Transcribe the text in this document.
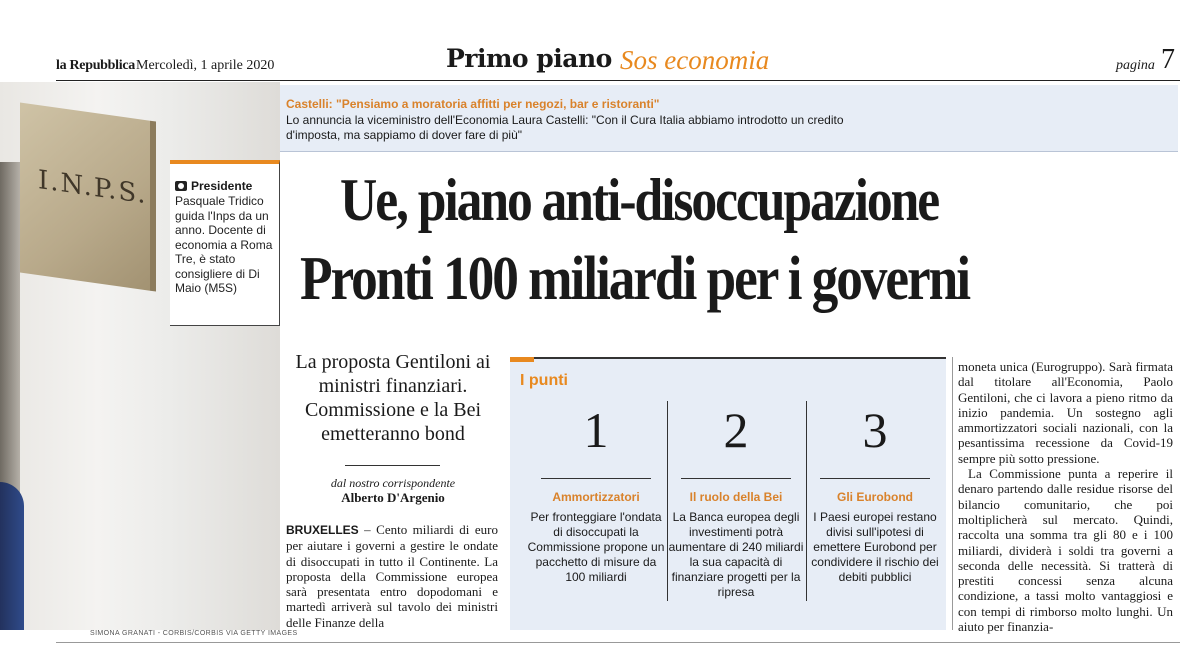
la Repubblica Mercoledì, 1 aprile 2020	Primo piano Sos economia	pagina 7
I.N.P.S.	Presidente
Pasquale Tridico guida l'Inps da un anno. Docente di economia a Roma Tre, è stato consigliere di Di Maio (M5S)
Castelli: "Pensiamo a moratoria affitti per negozi, bar e ristoranti"
Lo annuncia la viceministro dell'Economia Laura Castelli: "Con il Cura Italia abbiamo introdotto un credito d'imposta, ma sappiamo di dover fare di più"
Ue, piano anti-disoccupazione
Pronti 100 miliardi per i governi
La proposta Gentiloni ai ministri finanziari. Commissione e la Bei emetteranno bond
dal nostro corrispondente
Alberto D'Argenio
BRUXELLES – Cento miliardi di euro per aiutare i governi a gestire le ondate di disoccupati in tutto il Continente. La proposta della Commissione europea sarà presentata entro dopodomani e martedì arriverà sul tavolo dei ministri delle Finanze della
I punti
1
Ammortizzatori
Per fronteggiare l'ondata di disoccupati la Commissione propone un pacchetto di misure da 100 miliardi
2
Il ruolo della Bei
La Banca europea degli investimenti potrà aumentare di 240 miliardi la sua capacità di finanziare progetti per la ripresa
3
Gli Eurobond
I Paesi europei restano divisi sull'ipotesi di emettere Eurobond per condividere il rischio dei debiti pubblici

moneta unica (Eurogruppo). Sarà firmata dal titolare all'Economia, Paolo Gentiloni, che ci lavora a pieno ritmo da inizio pandemia. Un sostegno agli ammortizzatori sociali nazionali, con la pesantissima recessione da Covid-19 sempre più sotto pressione.

La Commissione punta a reperire il denaro partendo dalle residue risorse del bilancio comunitario, che poi moltiplicherà sul mercato. Quindi, raccolta una somma tra gli 80 e i 100 miliardi, dividerà i soldi tra governi a seconda delle necessità. Si tratterà di prestiti concessi senza alcuna condizione, a tassi molto vantaggiosi e con tempi di rimborso molto lunghi. Un aiuto per finanzia-

SIMONA GRANATI - CORBIS/CORBIS VIA GETTY IMAGES
